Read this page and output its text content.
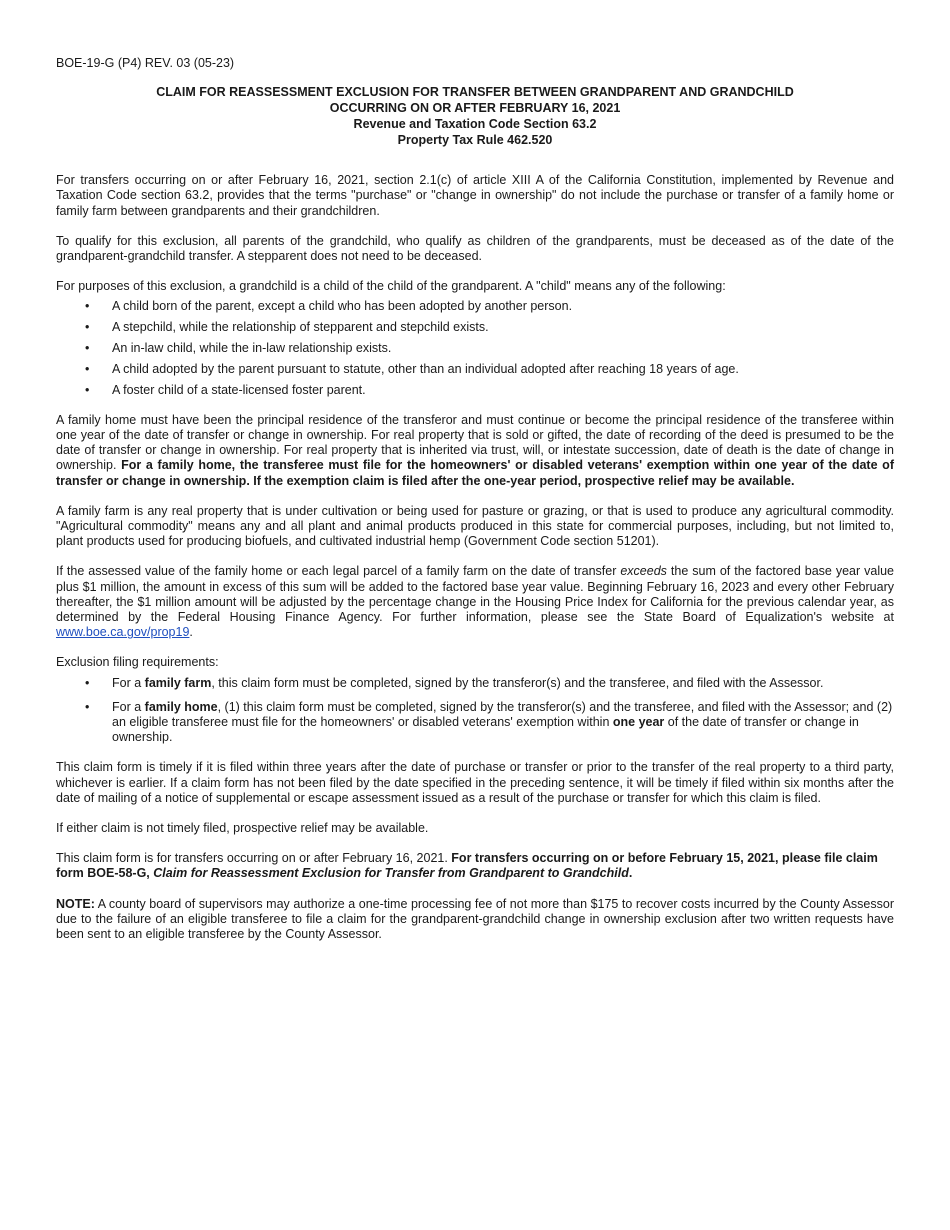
BOE-19-G (P4) REV. 03 (05-23)
CLAIM FOR REASSESSMENT EXCLUSION FOR TRANSFER BETWEEN GRANDPARENT AND GRANDCHILD
OCCURRING ON OR AFTER FEBRUARY 16, 2021
Revenue and Taxation Code Section 63.2
Property Tax Rule 462.520

For transfers occurring on or after February 16, 2021, section 2.1(c) of article XIII A of the California Constitution, implemented by Revenue and Taxation Code section 63.2, provides that the terms "purchase" or "change in ownership" do not include the purchase or transfer of a family home or family farm between grandparents and their grandchildren.

To qualify for this exclusion, all parents of the grandchild, who qualify as children of the grandparents, must be deceased as of the date of the grandparent-grandchild transfer. A stepparent does not need to be deceased.

For purposes of this exclusion, a grandchild is a child of the child of the grandparent. A "child" means any of the following:

• A child born of the parent, except a child who has been adopted by another person.
• A stepchild, while the relationship of stepparent and stepchild exists.
• An in-law child, while the in-law relationship exists.
• A child adopted by the parent pursuant to statute, other than an individual adopted after reaching 18 years of age.
• A foster child of a state-licensed foster parent.

A family home must have been the principal residence of the transferor and must continue or become the principal residence of the transferee within one year of the date of transfer or change in ownership. For real property that is sold or gifted, the date of recording of the deed is presumed to be the date of transfer or change in ownership. For real property that is inherited via trust, will, or intestate succession, date of death is the date of change in ownership. For a family home, the transferee must file for the homeowners' or disabled veterans' exemption within one year of the date of transfer or change in ownership. If the exemption claim is filed after the one-year period, prospective relief may be available.

A family farm is any real property that is under cultivation or being used for pasture or grazing, or that is used to produce any agricultural commodity. "Agricultural commodity" means any and all plant and animal products produced in this state for commercial purposes, including, but not limited to, plant products used for producing biofuels, and cultivated industrial hemp (Government Code section 51201).

If the assessed value of the family home or each legal parcel of a family farm on the date of transfer exceeds the sum of the factored base year value plus $1 million, the amount in excess of this sum will be added to the factored base year value. Beginning February 16, 2023 and every other February thereafter, the $1 million amount will be adjusted by the percentage change in the Housing Price Index for California for the previous calendar year, as determined by the Federal Housing Finance Agency. For further information, please see the State Board of Equalization's website at www.boe.ca.gov/prop19.

Exclusion filing requirements:

• For a family farm, this claim form must be completed, signed by the transferor(s) and the transferee, and filed with the Assessor.
• For a family home, (1) this claim form must be completed, signed by the transferor(s) and the transferee, and filed with the Assessor; and (2) an eligible transferee must file for the homeowners' or disabled veterans' exemption within one year of the date of transfer or change in ownership.

This claim form is timely if it is filed within three years after the date of purchase or transfer or prior to the transfer of the real property to a third party, whichever is earlier. If a claim form has not been filed by the date specified in the preceding sentence, it will be timely if filed within six months after the date of mailing of a notice of supplemental or escape assessment issued as a result of the purchase or transfer for which this claim is filed.

If either claim is not timely filed, prospective relief may be available.

This claim form is for transfers occurring on or after February 16, 2021. For transfers occurring on or before February 15, 2021, please file claim form BOE-58-G, Claim for Reassessment Exclusion for Transfer from Grandparent to Grandchild.

NOTE: A county board of supervisors may authorize a one-time processing fee of not more than $175 to recover costs incurred by the County Assessor due to the failure of an eligible transferee to file a claim for the grandparent-grandchild change in ownership exclusion after two written requests have been sent to an eligible transferee by the County Assessor.
